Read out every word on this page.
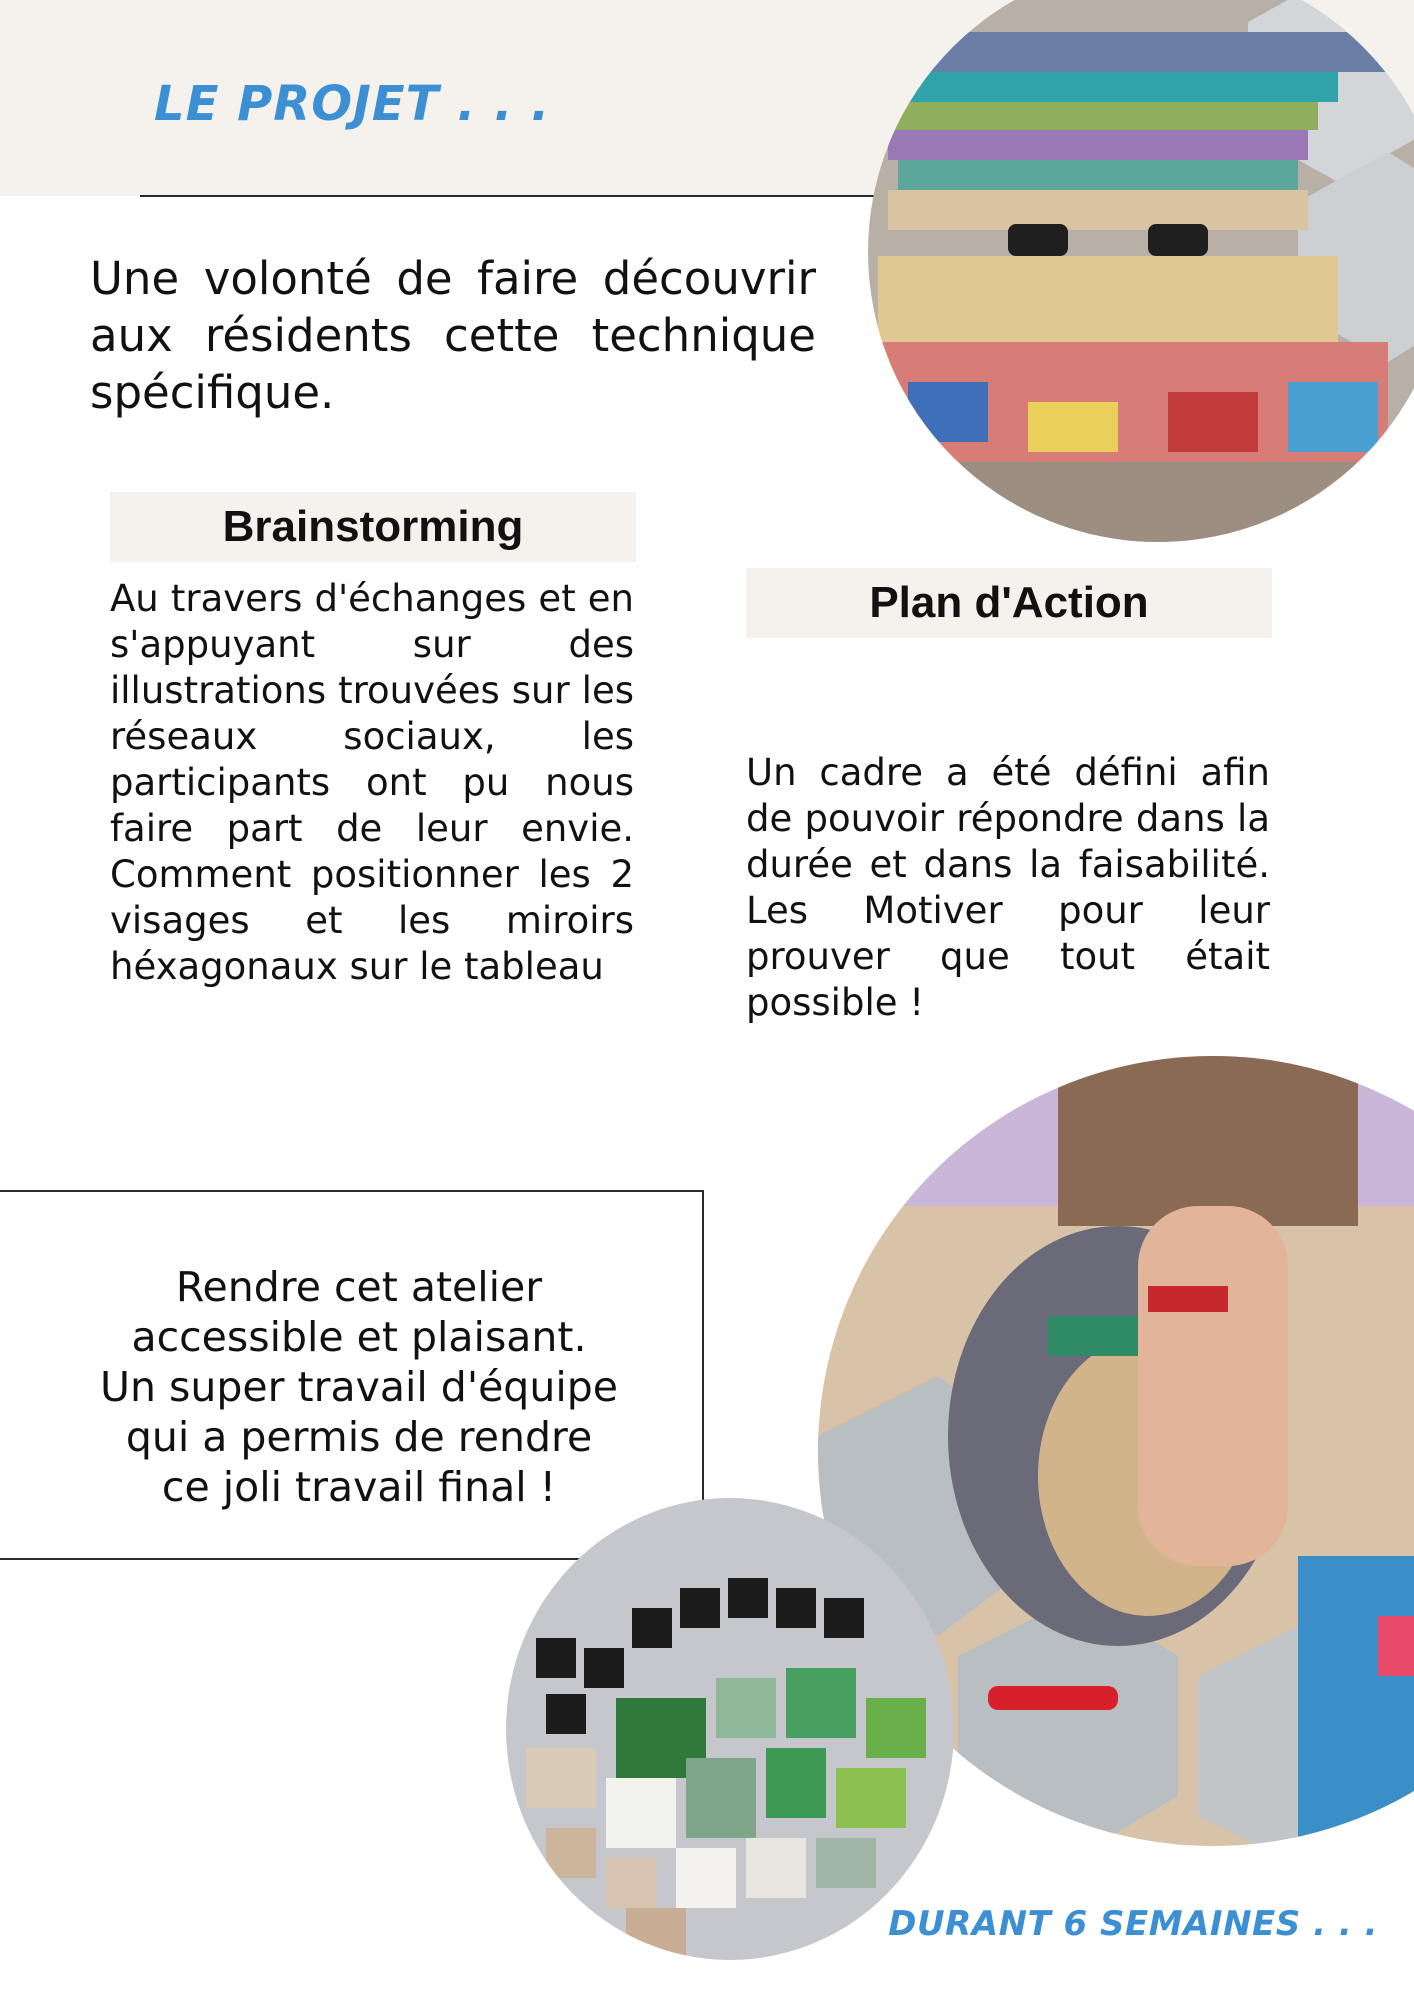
LE PROJET . . .

Une volonté de faire découvrir aux résidents cette technique spécifique.

Brainstorming

Au travers d'échanges et en s'appuyant sur des illustrations trouvées sur les réseaux sociaux, les participants ont pu nous faire part de leur envie. Comment positionner les 2 visages et les miroirs héxagonaux sur le tableau

Plan d'Action

Un cadre a été défini afin de pouvoir répondre dans la durée et dans la faisabilité. Les Motiver pour leur prouver que tout était possible !

Rendre cet atelier
accessible et plaisant.
Un super travail d'équipe
qui a permis de rendre
ce joli travail final !

DURANT 6 SEMAINES . . .
